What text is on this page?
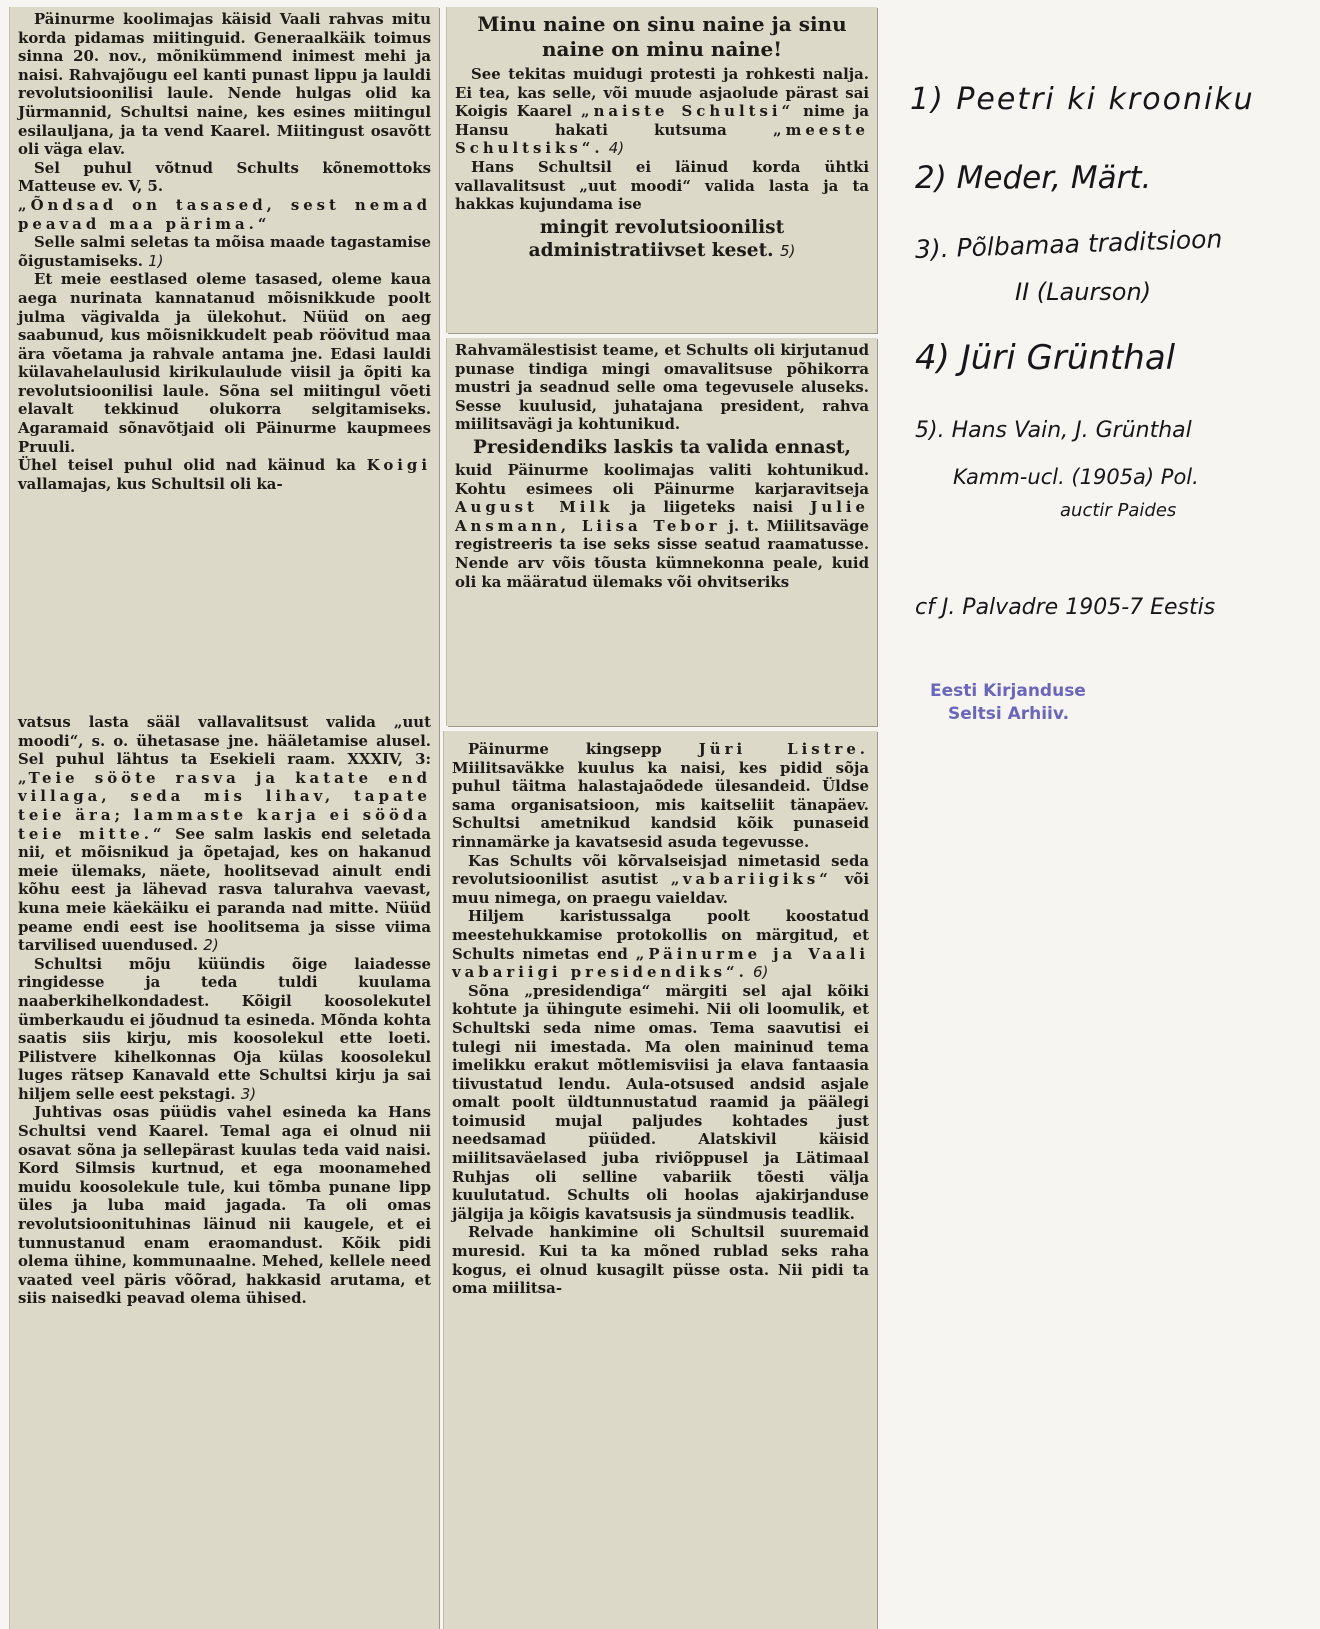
Päinurme koolimajas käisid Vaali rahvas mitu korda pidamas miitinguid. Generaalkäik toimus sinna 20. nov., mõnikümmend inimest mehi ja naisi. Rahvajõugu eel kanti punast lippu ja lauldi revolutsioonilisi laule. Nende hulgas olid ka Jürmannid, Schultsi naine, kes esines miitingul esilauljana, ja ta vend Kaarel. Miitingust osavõtt oli väga elav.

Sel puhul võtnud Schults kõnemottoks Matteuse ev. V, 5.

„Õndsad on tasased, sest nemad peavad maa pärima.“

Selle salmi seletas ta mõisa maade tagastamise õigustamiseks. 1)

Et meie eestlased oleme tasased, oleme kaua aega nurinata kannatanud mõisnikkude poolt julma vägivalda ja ülekohut. Nüüd on aeg saabunud, kus mõisnikkudelt peab röövitud maa ära võetama ja rahvale antama jne. Edasi lauldi külavahelaulusid kirikulaulude viisil ja õpiti ka revolutsioonilisi laule. Sõna sel miitingul võeti elavalt tekkinud olukorra selgitamiseks. Agaramaid sõnavõtjaid oli Päinurme kaupmees Pruuli.

Ühel teisel puhul olid nad käinud ka Koigi vallamajas, kus Schultsil oli ka-

vatsus lasta sääl vallavalitsust valida „uut moodi“, s. o. ühetasase jne. hääletamise alusel. Sel puhul lähtus ta Esekieli raam. XXXIV, 3: „Teie sööte rasva ja katate end villaga, seda mis lihav, tapate teie ära; lammaste karja ei sööda teie mitte.“ See salm laskis end seletada nii, et mõisnikud ja õpetajad, kes on hakanud meie ülemaks, näete, hoolitsevad ainult endi kõhu eest ja lähevad rasva talurahva vaevast, kuna meie käekäiku ei paranda nad mitte. Nüüd peame endi eest ise hoolitsema ja sisse viima tarvilised uuendused. 2)

Schultsi mõju küündis õige laiadesse ringidesse ja teda tuldi kuulama naaberkihelkondadest. Kõigil koosolekutel ümberkaudu ei jõudnud ta esineda. Mõnda kohta saatis siis kirju, mis koosolekul ette loeti. Pilistvere kihelkonnas Oja külas koosolekul luges rätsep Kanavald ette Schultsi kirju ja sai hiljem selle eest pekstagi. 3)

Juhtivas osas püüdis vahel esineda ka Hans Schultsi vend Kaarel. Temal aga ei olnud nii osavat sõna ja sellepärast kuulas teda vaid naisi. Kord Silmsis kurtnud, et ega moonamehed muidu koosolekule tule, kui tõmba punane lipp üles ja luba maid jagada. Ta oli omas revolutsioonituhinas läinud nii kaugele, et ei tunnustanud enam eraomandust. Kõik pidi olema ühine, kommunaalne. Mehed, kellele need vaated veel päris võõrad, hakkasid arutama, et siis naisedki peavad olema ühised.

Minu naine on sinu naine ja sinu naine on minu naine!

See tekitas muidugi protesti ja rohkesti nalja. Ei tea, kas selle, või muude asjaolude pärast sai Koigis Kaarel „naiste Schultsi“ nime ja Hansu hakati kutsuma	„meeste Schultsiks“. 4)

Hans Schultsil ei läinud korda ühtki vallavalitsust „uut moodi“ valida lasta ja ta hakkas kujundama ise

mingit revolutsioonilist administratiivset keset. 5)

Rahvamälestisist teame, et Schults oli kirjutanud punase tindiga mingi omavalitsuse põhikorra mustri ja seadnud selle oma tegevusele aluseks. Sesse kuulusid, juhatajana president, rahva miilitsavägi ja kohtunikud.

Presidendiks laskis ta valida ennast,

kuid Päinurme koolimajas valiti kohtunikud. Kohtu esimees oli Päinurme karjaravitseja August Milk ja liigeteks naisi Julie Ansmann, Liisa Tebor j. t. Miilitsaväge registreeris ta ise seks sisse seatud raamatusse. Nende arv võis tõusta kümnekonna peale, kuid oli ka määratud ülemaks või ohvitseriks

Päinurme kingsepp Jüri Listre. Miilitsaväkke kuulus ka naisi, kes pidid sõja puhul täitma halastajaõdede ülesandeid. Üldse sama organisatsioon, mis kaitseliit tänapäev. Schultsi ametnikud kandsid kõik punaseid rinnamärke ja kavatsesid asuda tegevusse.

Kas Schults või kõrvalseisjad nimetasid seda revolutsioonilist asutist „vabariigiks“ või muu nimega, on praegu vaieldav.

Hiljem karistussalga poolt koostatud meestehukkamise protokollis on märgitud, et Schults nimetas end „Päinurme ja Vaali vabariigi presidendiks“. 6)

Sõna „presidendiga“ märgiti sel ajal kõiki kohtute ja ühingute esimehi. Nii oli loomulik, et Schultski seda nime omas. Tema saavutisi ei tulegi nii imestada. Ma olen maininud tema imelikku erakut mõtlemisviisi ja elava fantaasia tiivustatud lendu. Aula-otsused andsid asjale omalt poolt üldtunnustatud raamid ja päälegi toimusid mujal paljudes kohtades just needsamad püüded. Alatskivil käisid miilitsaväelased juba riviõppusel ja Lätimaal Ruhjas oli selline vabariik tõesti välja kuulutatud. Schults oli hoolas ajakirjanduse jälgija ja kõigis kavatsusis ja sündmusis teadlik.

Relvade hankimine oli Schultsil suuremaid muresid. Kui ta ka mõned rublad seks raha kogus, ei olnud kusagilt püsse osta. Nii pidi ta oma miilitsa-

1) Peetri ki krooniku
2) Meder, Märt.
3). Põlbamaa traditsioon
II (Laurson)
4) Jüri Grünthal
5). Hans Vain, J. Grünthal
Kamm-ucl. (1905a) Pol.
auctir Paides
cf J. Palvadre 1905-7 Eestis
Eesti Kirjanduse
Seltsi Arhiiv.
